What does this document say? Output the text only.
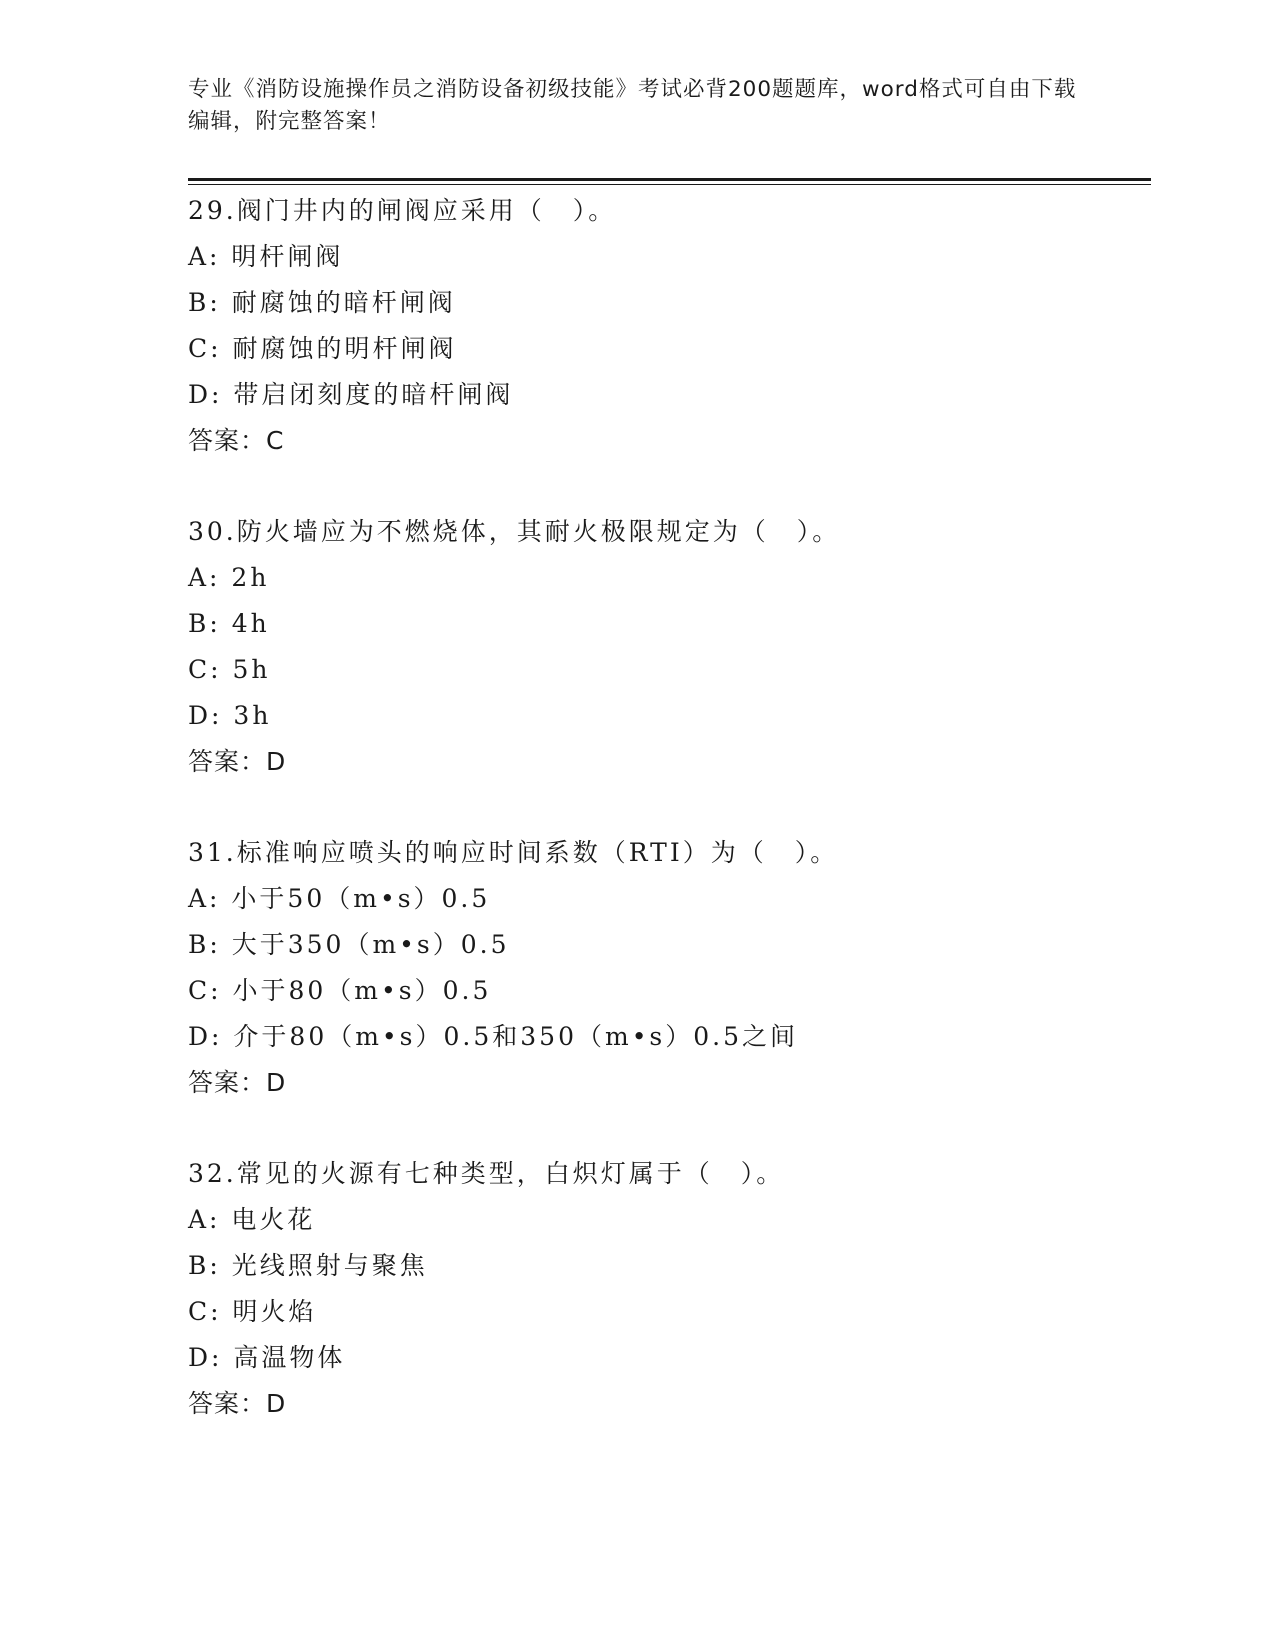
专业《消防设施操作员之消防设备初级技能》考试必背200题题库，word格式可自由下载编辑，附完整答案！
29.阀门井内的闸阀应采用（　）。
A: 明杆闸阀
B: 耐腐蚀的暗杆闸阀
C: 耐腐蚀的明杆闸阀
D: 带启闭刻度的暗杆闸阀
答案：C
30.防火墙应为不燃烧体，其耐火极限规定为（　）。
A: 2h
B: 4h
C: 5h
D: 3h
答案：D
31.标准响应喷头的响应时间系数（RTI）为（　）。
A: 小于50（m•s）0.5
B: 大于350（m•s）0.5
C: 小于80（m•s）0.5
D: 介于80（m•s）0.5和350（m•s）0.5之间
答案：D
32.常见的火源有七种类型，白炽灯属于（　）。
A: 电火花
B: 光线照射与聚焦
C: 明火焰
D: 高温物体
答案：D
